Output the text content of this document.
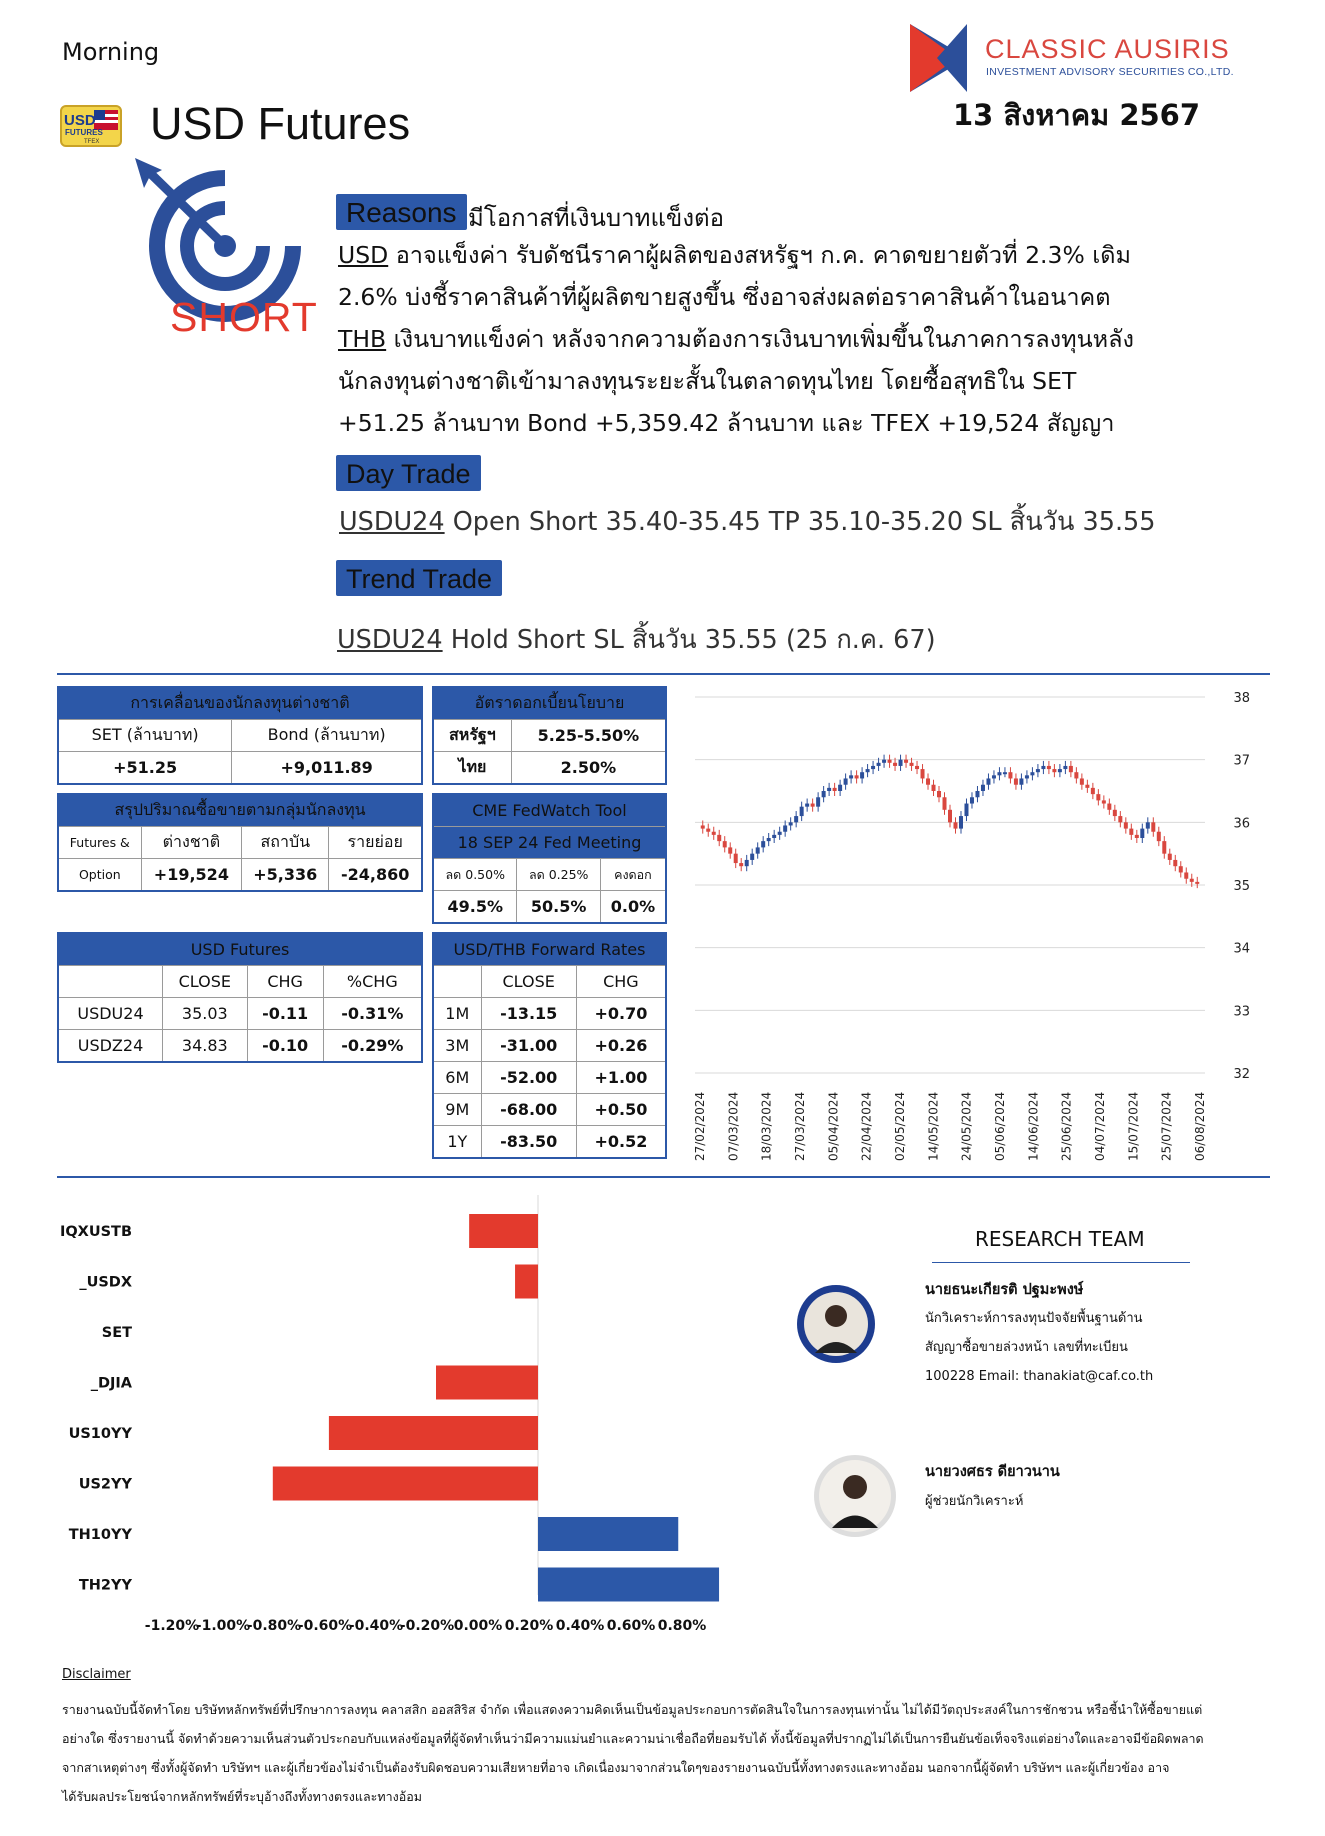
Morning	CLASSIC AUSIRIS
INVESTMENT ADVISORY SECURITIES CO.,LTD.
13 สิงหาคม 2567
USD
FUTURES
TFEX USD Futures
SHORT
Reasons มีโอกาสที่เงินบาทแข็งต่อ
USD อาจแข็งค่า รับดัชนีราคาผู้ผลิตของสหรัฐฯ ก.ค. คาดขยายตัวที่ 2.3% เดิม
2.6% บ่งชี้ราคาสินค้าที่ผู้ผลิตขายสูงขึ้น ซึ่งอาจส่งผลต่อราคาสินค้าในอนาคต
THB เงินบาทแข็งค่า หลังจากความต้องการเงินบาทเพิ่มขึ้นในภาคการลงทุนหลัง
นักลงทุนต่างชาติเข้ามาลงทุนระยะสั้นในตลาดทุนไทย โดยซื้อสุทธิใน SET
+51.25 ล้านบาท Bond +5,359.42 ล้านบาท และ TFEX +19,524 สัญญา
Day Trade
USDU24 Open Short 35.40-35.45 TP 35.10-35.20 SL สิ้นวัน 35.55
Trend Trade
USDU24 Hold Short SL สิ้นวัน 35.55 (25 ก.ค. 67)
การเคลื่อนของนักลงทุนต่างชาติ	
SET (ล้านบาท)	Bond (ล้านบาท)
+51.25	+9,011.89
อัตราดอกเบี้ยนโยบาย	
สหรัฐฯ	5.25-5.50%
ไทย	2.50%
สรุปปริมาณซื้อขายตามกลุ่มนักลงทุน			
Futures &	ต่างชาติ	สถาบัน	รายย่อย
Option	+19,524	+5,336	-24,860
CME FedWatch Tool		
18 SEP 24 Fed Meeting		
ลด 0.50%	ลด 0.25%	คงดอก
49.5%	50.5%	0.0%
USD Futures			
	CLOSE	CHG	%CHG
USDU24	35.03	-0.11	-0.31%
USDZ24	34.83	-0.10	-0.29%
USD/THB Forward Rates		
	CLOSE	CHG
1M	-13.15	+0.70
3M	-31.00	+0.26
6M	-52.00	+1.00
9M	-68.00	+0.50
1Y	-83.50	+0.52
38
37
36
35
34
33
32
27/02/2024 07/03/2024 18/03/2024 27/03/2024 05/04/2024 22/04/2024 02/05/2024 14/05/2024 24/05/2024 05/06/2024 14/06/2024 25/06/2024 04/07/2024 15/07/2024 25/07/2024 06/08/2024
IQXUSTB
_USDX
SET
_DJIA
US10YY
US2YY
TH10YY
TH2YY
-1.20%
-1.00%
-0.80%
-0.60%
-0.40%
-0.20% 0.00% 0.20% 0.40% 0.60% 0.80%
RESEARCH TEAM
นายธนะเกียรติ ปฐมะพงษ์
นักวิเคราะห์การลงทุนปัจจัยพื้นฐานด้าน
สัญญาซื้อขายล่วงหน้า เลขที่ทะเบียน
100228 Email: thanakiat@caf.co.th
นายวงศธร ดียาวนาน
ผู้ช่วยนักวิเคราะห์
Disclaimer
รายงานฉบับนี้จัดทำโดย บริษัทหลักทรัพย์ที่ปรึกษาการลงทุน คลาสสิก ออสสิริส จำกัด เพื่อแสดงความคิดเห็นเป็นข้อมูลประกอบการตัดสินใจในการลงทุนเท่านั้น ไม่ได้มีวัตถุประสงค์ในการชักชวน หรือชี้นำให้ซื้อขายแต่
อย่างใด ซึ่งรายงานนี้ จัดทำด้วยความเห็นส่วนตัวประกอบกับแหล่งข้อมูลที่ผู้จัดทำเห็นว่ามีความแม่นยำและความน่าเชื่อถือที่ยอมรับได้ ทั้งนี้ข้อมูลที่ปรากฏไม่ได้เป็นการยืนยันข้อเท็จจริงแต่อย่างใดและอาจมีข้อผิดพลาด
จากสาเหตุต่างๆ ซึ่งทั้งผู้จัดทำ บริษัทฯ และผู้เกี่ยวข้องไม่จำเป็นต้องรับผิดชอบความเสียหายที่อาจ เกิดเนื่องมาจากส่วนใดๆของรายงานฉบับนี้ทั้งทางตรงและทางอ้อม นอกจากนี้ผู้จัดทำ บริษัทฯ และผู้เกี่ยวข้อง อาจ
ได้รับผลประโยชน์จากหลักทรัพย์ที่ระบุอ้างถึงทั้งทางตรงและทางอ้อม
